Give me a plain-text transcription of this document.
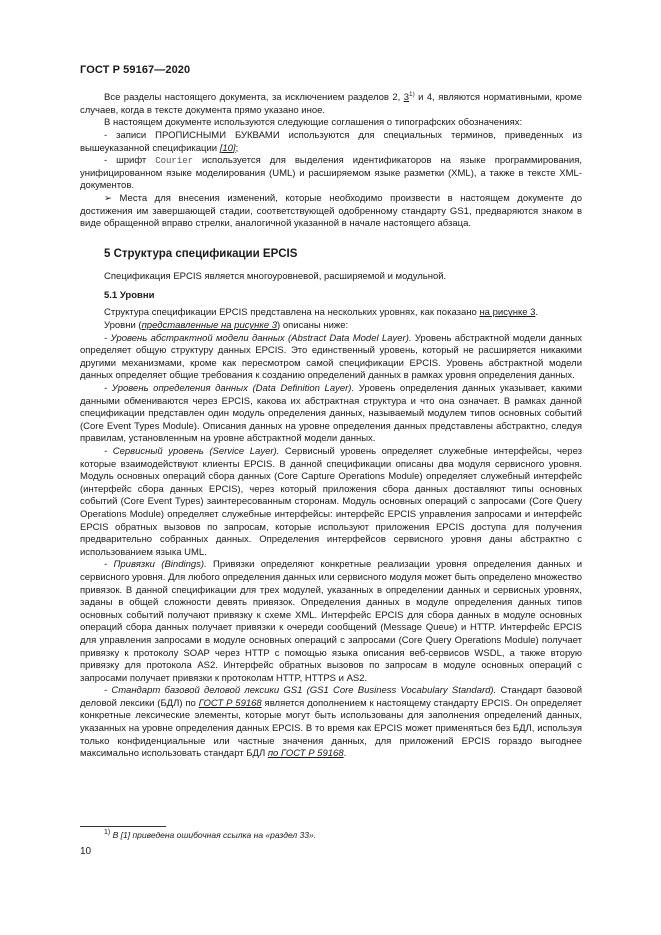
ГОСТ Р 59167—2020

Все разделы настоящего документа, за исключением разделов 2, 3$^{1)}$ и 4, являются нормативными, кроме случаев, когда в тексте документа прямо указано иное.

В настоящем документе используются следующие соглашения о типографских обозначениях:

- записи ПРОПИСНЫМИ БУКВАМИ используются для специальных терминов, приведенных из вышеуказанной спецификации [10];

- шрифт Courier используется для выделения идентификаторов на языке программирования, унифицированном языке моделирования (UML) и расширяемом языке разметки (XML), а также в тексте XML-документов.

➢ Места для внесения изменений, которые необходимо произвести в настоящем документе до достижения им завершающей стадии, соответствующей одобренному стандарту GS1, предваряются знаком в виде обращенной вправо стрелки, аналогичной указанной в начале настоящего абзаца.

5 Структура спецификации EPCIS

Спецификация EPCIS является многоуровневой, расширяемой и модульной.

5.1 Уровни

Структура спецификации EPCIS представлена на нескольких уровнях, как показано на рисунке 3.

Уровни (представленные на рисунке 3) описаны ниже:

- Уровень абстрактной модели данных (Abstract Data Model Layer). Уровень абстрактной модели данных определяет общую структуру данных EPCIS. Это единственный уровень, который не расширяется никакими другими механизмами, кроме как пересмотром самой спецификации EPCIS. Уровень абстрактной модели данных определяет общие требования к созданию определений данных в рамках уровня определения данных.

- Уровень определения данных (Data Definition Layer). Уровень определения данных указывает, какими данными обмениваются через EPCIS, какова их абстрактная структура и что она означает. В рамках данной спецификации представлен один модуль определения данных, называемый модулем типов основных событий (Core Event Types Module). Описания данных на уровне определения данных представлены абстрактно, следуя правилам, установленным на уровне абстрактной модели данных.

- Сервисный уровень (Service Layer). Сервисный уровень определяет служебные интерфейсы, через которые взаимодействуют клиенты EPCIS. В данной спецификации описаны два модуля сервисного уровня. Модуль основных операций сбора данных (Core Capture Operations Module) определяет служебный интерфейс (интерфейс сбора данных EPCIS), через который приложения сбора данных доставляют типы основных событий (Core Event Types) заинтересованным сторонам. Модуль основных операций с запросами (Core Query Operations Module) определяет служебные интерфейсы: интерфейс EPCIS управления запросами и интерфейс EPCIS обратных вызовов по запросам, которые используют приложения EPCIS доступа для получения предварительно собранных данных. Определения интерфейсов сервисного уровня даны абстрактно с использованием языка UML.

- Привязки (Bindings). Привязки определяют конкретные реализации уровня определения данных и сервисного уровня. Для любого определения данных или сервисного модуля может быть определено множество привязок. В данной спецификации для трех модулей, указанных в определении данных и сервисных уровнях, заданы в общей сложности девять привязок. Определения данных в модуле определения данных типов основных событий получают привязку к схеме XML. Интерфейс EPCIS для сбора данных в модуле основных операций сбора данных получает привязки к очереди сообщений (Message Queue) и HTTP. Интерфейс EPCIS для управления запросами в модуле основных операций с запросами (Core Query Operations Module) получает привязку к протоколу SOAP через HTTP с помощью языка описания веб-сервисов WSDL, а также вторую привязку для протокола AS2. Интерфейс обратных вызовов по запросам в модуле основных операций с запросами получает привязки к протоколам HTTP, HTTPS и AS2.

- Стандарт базовой деловой лексики GS1 (GS1 Core Business Vocabulary Standard). Стандарт базовой деловой лексики (БДЛ) по ГОСТ Р 59168 является дополнением к настоящему стандарту EPCIS. Он определяет конкретные лексические элементы, которые могут быть использованы для заполнения определений данных, указанных на уровне определения данных EPCIS. В то время как EPCIS может применяться без БДЛ, используя только конфиденциальные или частные значения данных, для приложений EPCIS гораздо выгоднее максимально использовать стандарт БДЛ по ГОСТ Р 59168.

$^{1)}$ В [1] приведена ошибочная ссылка на «раздел 33».
10
